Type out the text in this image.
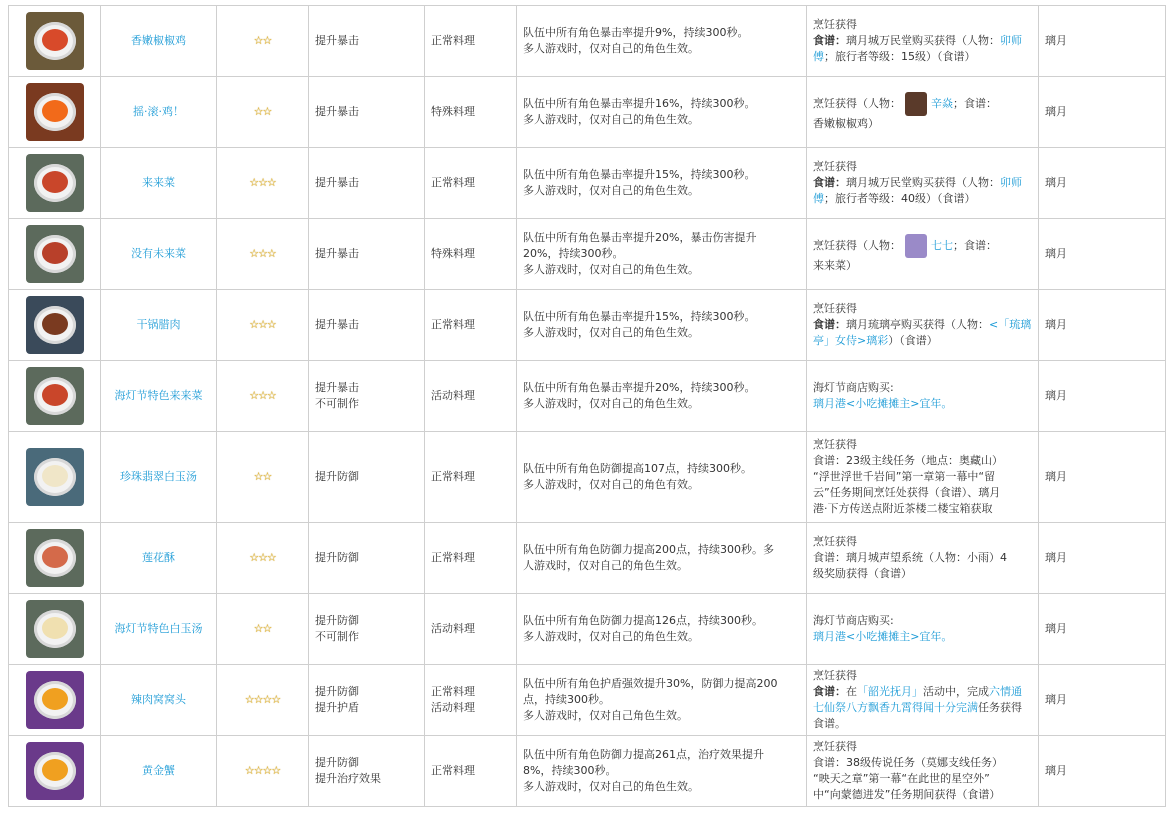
	香嫩椒椒鸡	☆☆	提升暴击	正常料理	队伍中所有角色暴击率提升9%，持续300秒。
多人游戏时，仅对自己的角色生效。	烹饪获得
食谱：璃月城万民堂购买获得（人物：卯师傅；旅行者等级：15级）（食谱）	璃月

	摇·滚·鸡！	☆☆	提升暴击	特殊料理	队伍中所有角色暴击率提升16%，持续300秒。
多人游戏时，仅对自己的角色生效。	烹饪获得（人物： 辛焱；食谱：
香嫩椒椒鸡）	璃月

	来来菜	☆☆☆	提升暴击	正常料理	队伍中所有角色暴击率提升15%，持续300秒。
多人游戏时，仅对自己的角色生效。	烹饪获得
食谱：璃月城万民堂购买获得（人物：卯师傅；旅行者等级：40级）（食谱）	璃月

	没有未来菜	☆☆☆	提升暴击	特殊料理	队伍中所有角色暴击率提升20%，暴击伤害提升
20%，持续300秒。
多人游戏时，仅对自己的角色生效。	烹饪获得（人物： 七七；食谱：
来来菜）	璃月

	干锅腊肉	☆☆☆	提升暴击	正常料理	队伍中所有角色暴击率提升15%，持续300秒。
多人游戏时，仅对自己的角色生效。	烹饪获得
食谱：璃月琉璃亭购买获得（人物：<「琉璃亭」女侍>璃彩）（食谱）	璃月

	海灯节特色来来菜	☆☆☆	提升暴击
不可制作	活动料理	队伍中所有角色暴击率提升20%，持续300秒。
多人游戏时，仅对自己的角色生效。	海灯节商店购买:
璃月港<小吃摊摊主>宜年。	璃月

	珍珠翡翠白玉汤	☆☆	提升防御	正常料理	队伍中所有角色防御提高107点，持续300秒。
多人游戏时，仅对自己的角色有效。	烹饪获得
食谱：23级主线任务（地点：奥藏山）
“浮世浮世千岩间”第一章第一幕中“留
云”任务期间烹饪处获得（食谱）、璃月
港·下方传送点附近茶楼二楼宝箱获取	璃月

	莲花酥	☆☆☆	提升防御	正常料理	队伍中所有角色防御力提高200点，持续300秒。多
人游戏时，仅对自己的角色生效。	烹饪获得
食谱：璃月城声望系统（人物：小雨）4
级奖励获得（食谱）	璃月

	海灯节特色白玉汤	☆☆	提升防御
不可制作	活动料理	队伍中所有角色防御力提高126点，持续300秒。
多人游戏时，仅对自己的角色生效。	海灯节商店购买:
璃月港<小吃摊摊主>宜年。	璃月

	辣肉窝窝头	☆☆☆☆	提升防御
提升护盾	正常料理
活动料理	队伍中所有角色护盾强效提升30%，防御力提高200
点，持续300秒。
多人游戏时，仅对自己角色生效。	烹饪获得
食谱：在「韶光抚月」活动中，完成六情通七仙祭八方飘香九霄得闻十分完满任务获得食谱。	璃月

	黄金蟹	☆☆☆☆	提升防御
提升治疗效果	正常料理	队伍中所有角色防御力提高261点，治疗效果提升
8%，持续300秒。
多人游戏时，仅对自己的角色生效。	烹饪获得
食谱：38级传说任务（莫娜支线任务）
“映天之章”第一幕“在此世的星空外”
中“向蒙德进发”任务期间获得（食谱）	璃月
